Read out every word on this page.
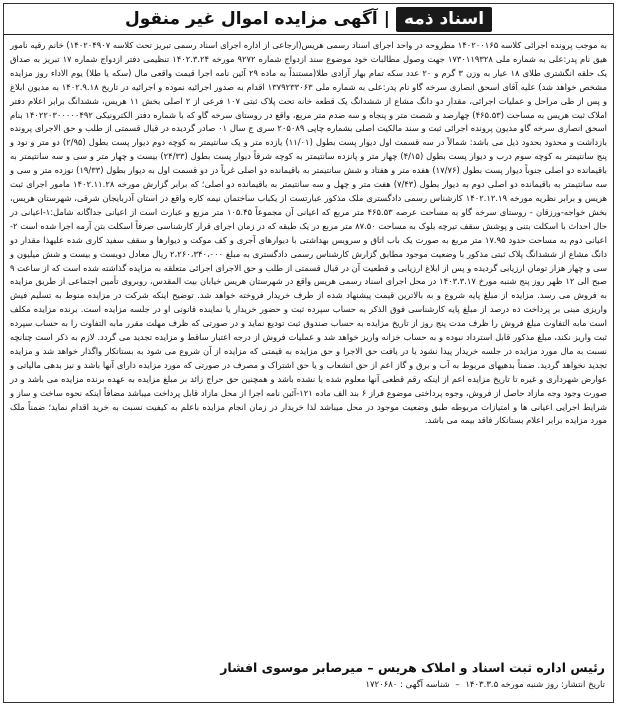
آگهی مزایده اموال غیر منقول | اسناد ذمه
به موجب پرونده اجرائی کلاسه ۱۴۰۲۰۰۱۶۵ مطروحه در واحد اجرای اسناد رسمی هریس(ارجاعی از اداره اجرای اسناد رسمی تبریز تحت کلاسه ۱۴۰۲۰۴۹۰۷) خانم رقیه نامور هیق نام پدر:علی به شماره ملی ۱۷۳۰۱۱۹۳۲۸ جهت وصول مطالبات خود موضوع سند ازدواج شماره ۹۲۷۲ مورخه ۱۴۰۲.۳.۲۴ تنظیمی دفتر ازدواج شماره ۱۷ تبریز به صداق یک حلقه انگشتری طلای ۱۸ عیار به وزن ۳ گرم و ۲۰ عدد سکه تمام بهار آزادی طلا(مستنداً به ماده ۲۹ آئین نامه اجرا قیمت واقعی مال (سکه یا طلا) یوم الاداء روز مزایده مشخص خواهد شد) علیه آقای اسحق انصاری سرخه گاو نام پدر:علی به شماره ملی ۱۳۷۹۲۳۳۰۶۳ اقدام به صدور اجرائیه نموده و اجرائیه در تاریخ ۱۴۰۲.۹.۱۸ به مدیون ابلاغ و پس از طی مراحل و عملیات اجرائی، مقدار دو دانگ مشاع از ششدانگ یک قطعه خانه تحت پلاک ثبتی ۱۰۷ فرعی از ۲ اصلی بخش ۱۱ هریس، ششدانگ برابر اعلام دفتر املاک ثبت هریس به مساحت (۴۶۵.۵۳) چهارصد و شصت متر و پنجاه و سه صدم متر مربع، واقع در روستای سرخه گاو که با شماره دفتر الکترونیکی ۱۴۰۲۲۰۳۰۰۰۰۰۴۹۲ بنام اسحق انصاری سرخه گاو مدیون پرونده اجرائی ثبت و سند مالکیت اصلی بشماره چاپی ۲۰۵۰۸۹ سری ج سال ۰۱ صادر گردیده در قبال قسمتی از طلب و حق الاجرای پرونده بازداشت و محدود بحدود ذیل می باشد: شمالاً در سه قسمت اول دیوار پست بطول (۱۱/۰۱) یازده متر و یک سانتیمتر به کوچه دوم دیوار پست بطول (۲/۹۵) دو متر و نود و پنج سانتیمتر به کوچه سوم درب و دیوار پست بطول (۴/۱۵) چهار متر و پانزده سانتیمتر به کوچه شرقاً دیوار پست بطول (۲۴/۳۳) بیست و چهار متر و سی و سه سانتیمتر به باقیمانده دو اصلی جنوباً دیوار پست بطول (۱۷/۷۶) هفده متر و هفتاد و شش سانتیمتر به باقیمانده دو اصلی غرباً در دو قسمت اول به دیوار بطول (۱۹/۳۳) نوزده متر و سی و سه سانتیمتر به باقیمانده دو اصلی دوم به دیوار بطول (۷/۴۳) هفت متر و چهل و سه سانتیمتر به باقیمانده دو اصلی؛ که برابر گزارش مورخه ۱۴۰۲.۱۱.۲۸ مامور اجرای ثبت هریس و برابر نظریه مورخه ۱۴۰۲.۱۲.۱۹ کارشناس رسمی دادگستری ملک مذکور عبارتست از یکباب ساختمان نیمه کاره واقع در استان آذربایجان شرقی، شهرستان هریس، بخش خواجه-ورزقان - روستای سرخه گاو به مساحت عرصه ۴۶۵.۵۳ متر مربع که اعیانی آن مجموعاً ۱۰۵.۴۵ متر مربع و عبارت است از اعیانی جداگانه شامل:۱-اعیانی در حال احداث با اسکلت بتنی و پوشش سقف تیرچه بلوک به مساحت ۸۷.۵۰ متر مربع در یک طبقه که در زمان اجرای قرار کارشناسی صرفاً اسکلت بتن آرمه اجرا شده است ۲-اعیانی دوم به مساحت حدود ۱۷.۹۵ متر مربع به صورت یک باب اتاق و سرویس بهداشتی با دیوارهای آجری و کف موکت و دیوارها و سقف سفید کاری شده علیهذا مقدار دو دانگ مشاع از ششدانگ پلاک ثبتی مذکور با وضعیت موجود مطابق گزارش کارشناس رسمی دادگستری به مبلغ ۲،۲۶۰،۳۴۰،۰۰۰ ریال معادل دویست و بیست و شش میلیون و سی و چهار هزار تومان ارزیابی گردیده و پس از ابلاغ ارزیابی و قطعیت آن در قبال قسمتی از طلب و حق الاجرای اجرائی متعلقه به مزایده گذاشته شده است که از ساعت ۹ صبح الی ۱۲ ظهر روز پنج شنبه مورخ ۱۴۰۳.۳.۱۷ در محل اجرای اسناد رسمی هریس واقع در شهرستان هریس خیابان بیت المقدس، روبروی تأمین اجتماعی از طریق مزایده به فروش می رسد. مزایده از مبلغ پایه شروع و به بالاترین قیمت پیشنهاد شده از طرف خریدار فروخته خواهد شد. توضیح اینکه شرکت در مزایده منوط به تسلیم فیش واریزی مبنی بر پرداخت ده درصد از مبلغ پایه کارشناسی فوق الذکر به حساب سپرده ثبت و حضور خریدار یا نماینده قانونی او در جلسه مزایده است. برنده مزایده مکلف است مابه التفاوت مبلغ فروش را ظرف مدت پنج روز از تاریخ مزایده به حساب صندوق ثبت تودیع نماید و در صورتی که ظرف مهلت مقرر مابه التفاوت را به حساب سپرده ثبت واریز نکند، مبلغ مذکور قابل استرداد نبوده و به حساب خزانه واریز خواهد شد و عملیات فروش از درجه اعتبار ساقط و مزایده تجدید می گردد. لازم به ذکر است چنانچه نسبت به مال مورد مزایده در جلسه خریدار پیدا نشود یا در یافت حق الاجرا و حق مزایده به قیمتی که مزایده از آن شروع می شود به بستانکار واگذار خواهد شد و مزایده تجدید نخواهد گردید. ضمناً بدهیهای مربوط به آب و برق و گاز اعم از حق انشعاب و یا حق اشتراک و مصرف در صورتی که مورد مزایده دارای آنها باشد و نیز بدهی مالیاتی و عوارض شهرداری و غیره تا تاریخ مزایده اعم از اینکه رقم قطعی آنها معلوم شده یا نشده باشد و همچنین حق حراج زائد بر مبلغ مزایده به عهده برنده مزایده می باشد و در صورت وجود وجه مازاد حاصل از فروش، وجوه پرداختی موضوع فراز ۶ بند الف ماده ۱۲۱-آئین نامه اجرا از محل مازاد قابل پرداخت میباشد مضافاً اینکه نحوه ساخت و ساز و شرایط اجرایی اعیانی ها و امتیازات مربوطه طبق وضعیت موجود در محل میباشد لذا خریدار در زمان انجام مزایده باعلم به کیفیت نسبت به خرید اقدام نماید؛ ضمناً ملک مورد مزایده برابر اعلام بستانکار فاقد بیمه می باشد.
رئیس اداره ثبت اسناد و املاک هریس – میرصابر موسوی افشار
تاریخ انتشار: روز شنبه مورخه ۱۴۰۳.۳.۵ – شناسه آگهی : ۱۷۲۰۶۸۰
